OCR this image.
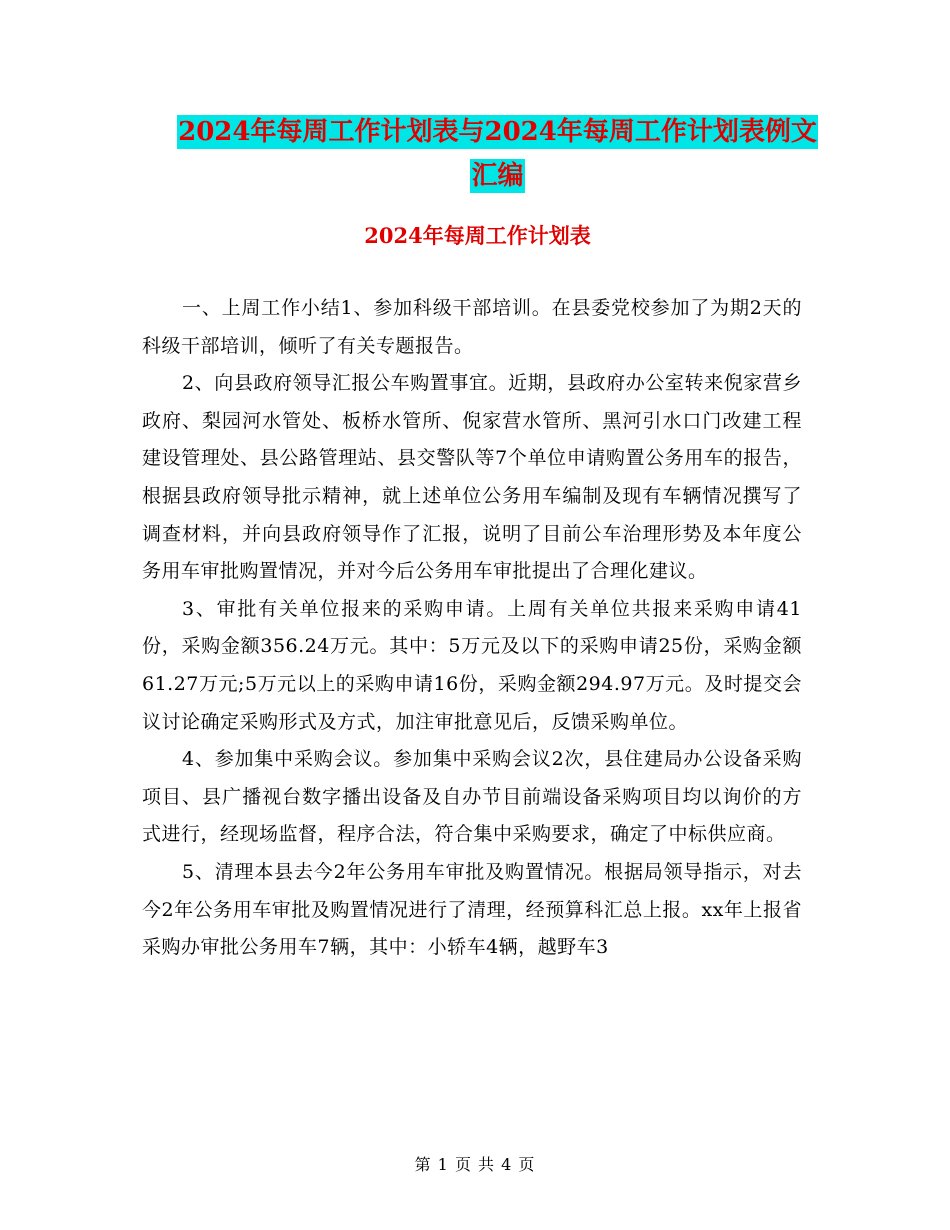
2024年每周工作计划表与2024年每周工作计划表例文
汇编
2024年每周工作计划表

一、上周工作小结1、参加科级干部培训。在县委党校参加了为期2天的科级干部培训，倾听了有关专题报告。

2、向县政府领导汇报公车购置事宜。近期，县政府办公室转来倪家营乡政府、梨园河水管处、板桥水管所、倪家营水管所、黑河引水口门改建工程建设管理处、县公路管理站、县交警队等7个单位申请购置公务用车的报告，根据县政府领导批示精神，就上述单位公务用车编制及现有车辆情况撰写了调查材料，并向县政府领导作了汇报，说明了目前公车治理形势及本年度公务用车审批购置情况，并对今后公务用车审批提出了合理化建议。

3、审批有关单位报来的采购申请。上周有关单位共报来采购申请41份，采购金额356.24万元。其中：5万元及以下的采购申请25份，采购金额61.27万元;5万元以上的采购申请16份，采购金额294.97万元。及时提交会议讨论确定采购形式及方式，加注审批意见后，反馈采购单位。

4、参加集中采购会议。参加集中采购会议2次，县住建局办公设备采购项目、县广播视台数字播出设备及自办节目前端设备采购项目均以询价的方式进行，经现场监督，程序合法，符合集中采购要求，确定了中标供应商。

5、清理本县去今2年公务用车审批及购置情况。根据局领导指示，对去今2年公务用车审批及购置情况进行了清理，经预算科汇总上报。xx年上报省采购办审批公务用车7辆，其中：小轿车4辆，越野车3

第 1 页 共 4 页
